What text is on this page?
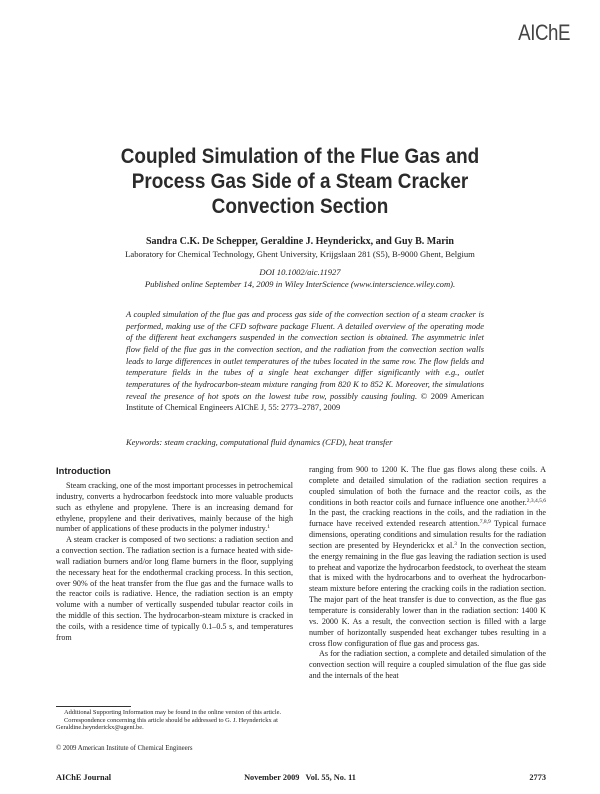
AIChE
Coupled Simulation of the Flue Gas and
Process Gas Side of a Steam Cracker
Convection Section
Sandra C.K. De Schepper, Geraldine J. Heynderickx, and Guy B. Marin
Laboratory for Chemical Technology, Ghent University, Krijgslaan 281 (S5), B-9000 Ghent, Belgium
DOI 10.1002/aic.11927
Published online September 14, 2009 in Wiley InterScience (www.interscience.wiley.com).
A coupled simulation of the flue gas and process gas side of the convection section of a steam cracker is performed, making use of the CFD software package Fluent. A detailed overview of the operating mode of the different heat exchangers suspended in the convection section is obtained. The asymmetric inlet flow field of the flue gas in the convection section, and the radiation from the convection section walls leads to large differences in outlet temperatures of the tubes located in the same row. The flow fields and temperature fields in the tubes of a single heat exchanger differ significantly with e.g., outlet temperatures of the hydrocarbon-steam mixture ranging from 820 K to 852 K. Moreover, the simulations reveal the presence of hot spots on the lowest tube row, possibly causing fouling. © 2009 American Institute of Chemical Engineers AIChE J, 55: 2773–2787, 2009
Keywords: steam cracking, computational fluid dynamics (CFD), heat transfer
Introduction

Steam cracking, one of the most important processes in petrochemical industry, converts a hydrocarbon feedstock into more valuable products such as ethylene and propylene. There is an increasing demand for ethylene, propylene and their derivatives, mainly because of the high number of applications of these products in the polymer industry.$^1$

A steam cracker is composed of two sections: a radiation section and a convection section. The radiation section is a furnace heated with side-wall radiation burners and/or long flame burners in the floor, supplying the necessary heat for the endothermal cracking process. In this section, over 90% of the heat transfer from the flue gas and the furnace walls to the reactor coils is radiative. Hence, the radiation section is an empty volume with a number of vertically suspended tubular reactor coils in the middle of this section. The hydrocarbon-steam mixture is cracked in the coils, with a residence time of typically 0.1–0.5 s, and temperatures from

ranging from 900 to 1200 K. The flue gas flows along these coils. A complete and detailed simulation of the radiation section requires a coupled simulation of both the furnace and the reactor coils, as the conditions in both reactor coils and furnace influence one another.$^{2,3,4,5,6}$ In the past, the cracking reactions in the coils, and the radiation in the furnace have received extended research attention.$^{7,8,9}$ Typical furnace dimensions, operating conditions and simulation results for the radiation section are presented by Heynderickx et al.$^3$ In the convection section, the energy remaining in the flue gas leaving the radiation section is used to preheat and vaporize the hydrocarbon feedstock, to overheat the steam that is mixed with the hydrocarbons and to overheat the hydrocarbon-steam mixture before entering the cracking coils in the radiation section. The major part of the heat transfer is due to convection, as the flue gas temperature is considerably lower than in the radiation section: 1400 K vs. 2000 K. As a result, the convection section is filled with a large number of horizontally suspended heat exchanger tubes resulting in a cross flow configuration of flue gas and process gas.

As for the radiation section, a complete and detailed simulation of the convection section will require a coupled simulation of the flue gas side and the internals of the heat

Additional Supporting Information may be found in the online version of this article.

Correspondence concerning this article should be addressed to G. J. Heynderickx at Geraldine.heynderickx@ugent.be.

© 2009 American Institute of Chemical Engineers
AIChE Journal	November 2009   Vol. 55, No. 11	2773
